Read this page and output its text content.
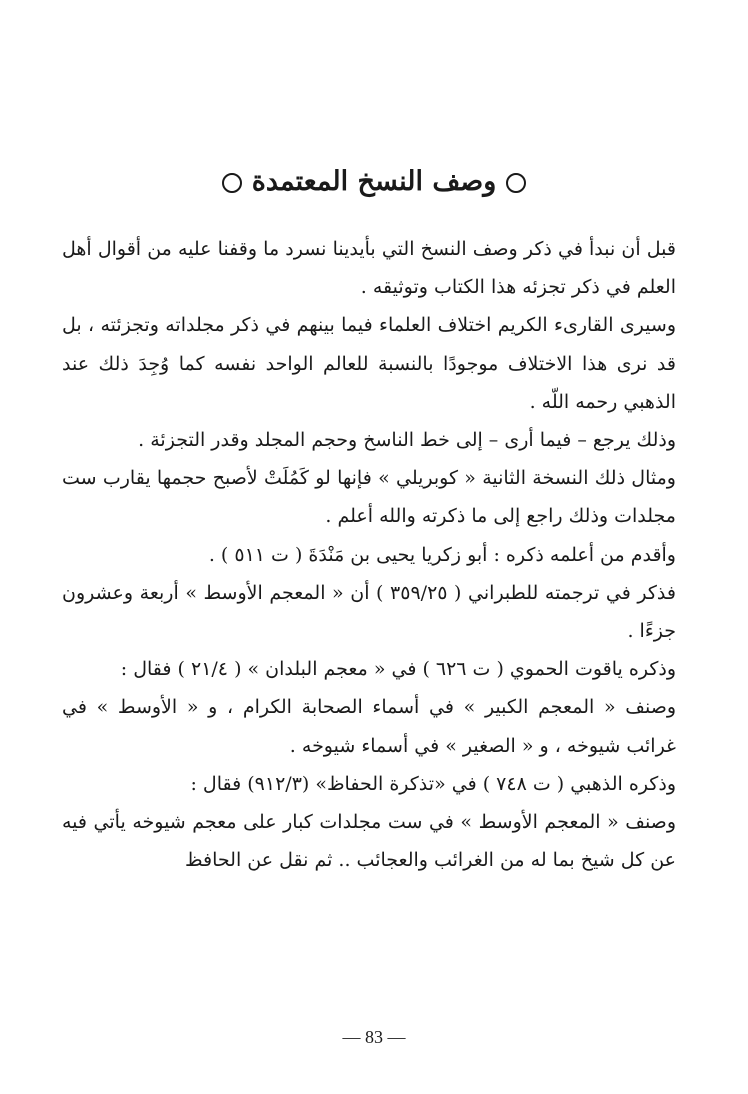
وصف النسخ المعتمدة

قبل أن نبدأ في ذكر وصف النسخ التي بأيدينا نسرد ما وقفنا عليه من أقوال أهل العلم في ذكر تجزئه هذا الكتاب وتوثيقه .

وسيرى القارىء الكريم اختلاف العلماء فيما بينهم في ذكر مجلداته وتجزئته ، بل قد نرى هذا الاختلاف موجودًا بالنسبة للعالم الواحد نفسه كما وُجِدَ ذلك عند الذهبي رحمه اللّه .

وذلك يرجع – فيما أرى – إلى خط الناسخ وحجم المجلد وقدر التجزئة .

ومثال ذلك النسخة الثانية « كوبريلي » فإنها لو كَمُلَتْ لأصبح حجمها يقارب ست مجلدات وذلك راجع إلى ما ذكرته والله أعلم .

وأقدم من أعلمه ذكره : أبو زكريا يحيى بن مَنْدَةَ ( ت ٥١١ ) .

فذكر في ترجمته للطبراني ( ٣٥٩/٢٥ ) أن « المعجم الأوسط » أربعة وعشرون جزءًا .

وذكره ياقوت الحموي ( ت ٦٢٦ ) في « معجم البلدان » ( ٢١/٤ ) فقال :

وصنف « المعجم الكبير » في أسماء الصحابة الكرام ، و « الأوسط » في غرائب شيوخه ، و « الصغير » في أسماء شيوخه .

وذكره الذهبي ( ت ٧٤٨ ) في «تذكرة الحفاظ» (٩١٢/٣) فقال :

وصنف « المعجم الأوسط » في ست مجلدات كبار على معجم شيوخه يأتي فيه عن كل شيخ بما له من الغرائب والعجائب .. ثم نقل عن الحافظ

— 83 —
